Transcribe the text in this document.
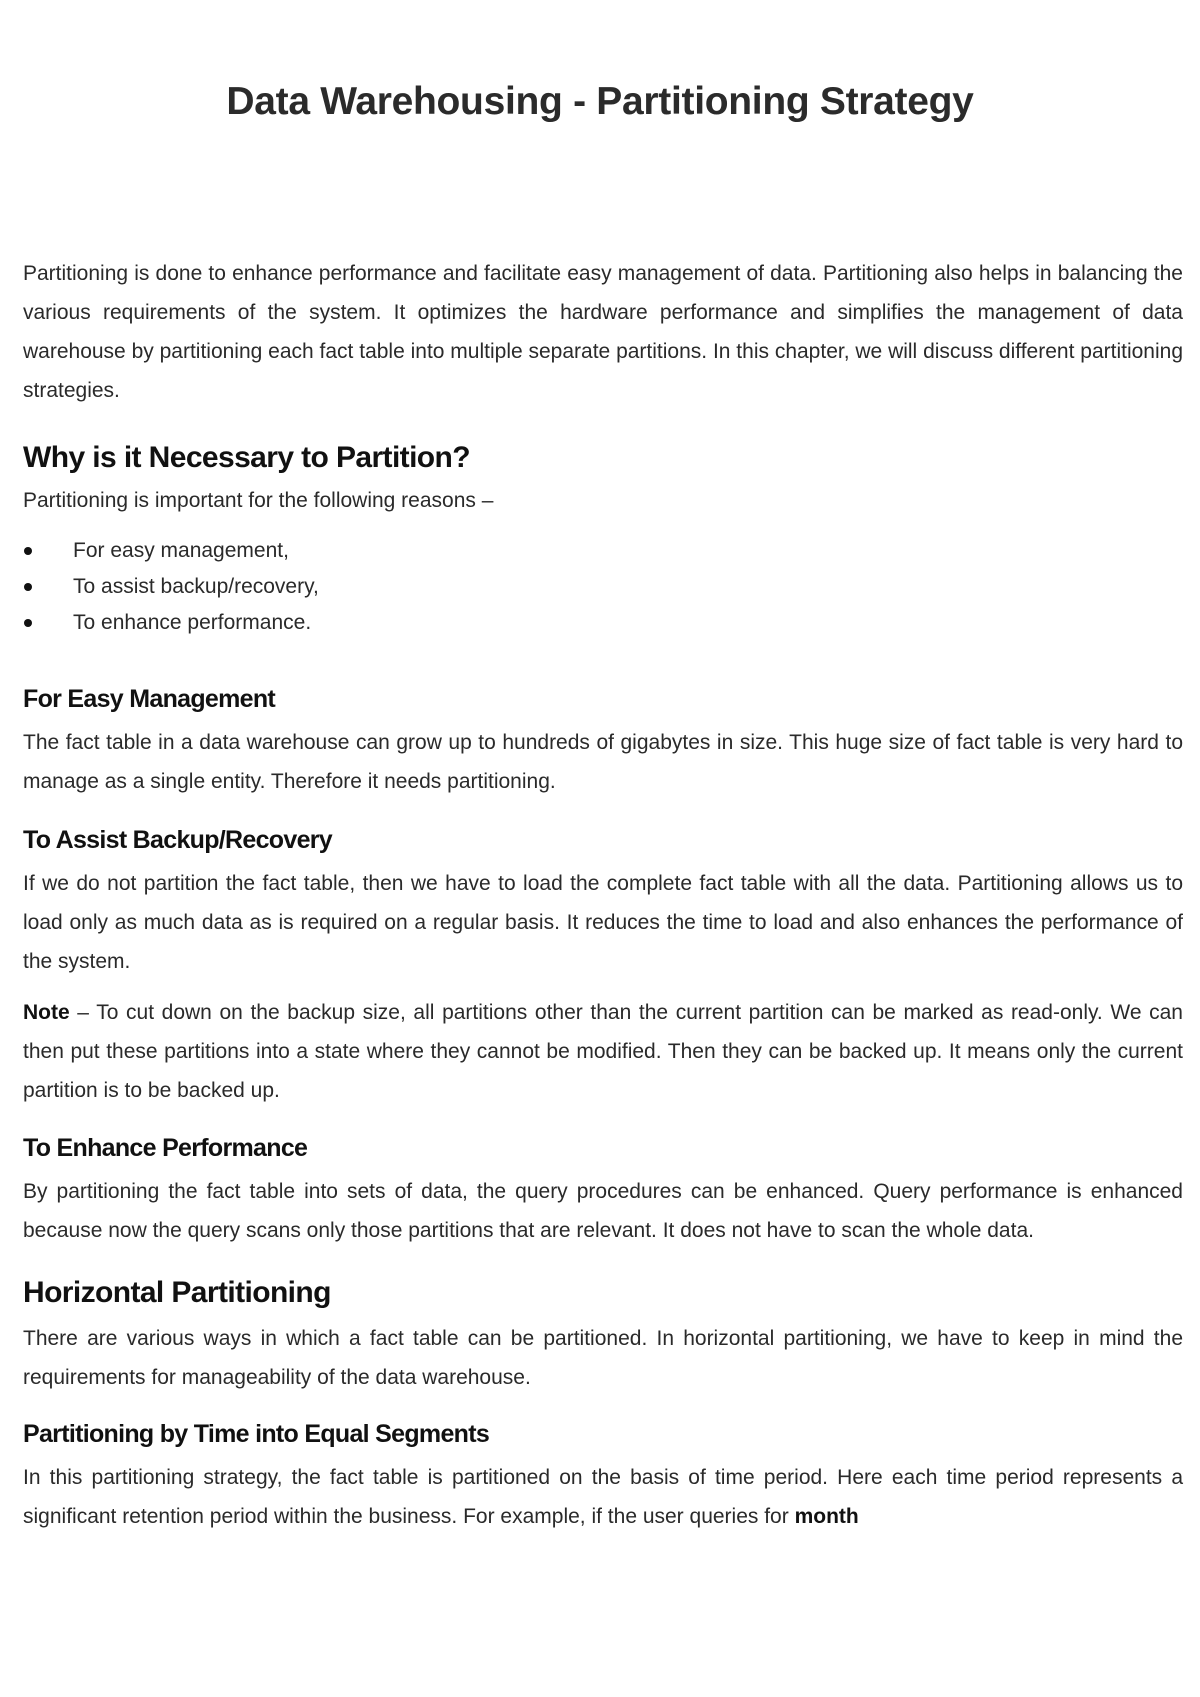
Data Warehousing - Partitioning Strategy

Partitioning is done to enhance performance and facilitate easy management of data. Partitioning also helps in balancing the various requirements of the system. It optimizes the hardware performance and simplifies the management of data warehouse by partitioning each fact table into multiple separate partitions. In this chapter, we will discuss different partitioning strategies.

Why is it Necessary to Partition?

Partitioning is important for the following reasons –

For easy management,
To assist backup/recovery,
To enhance performance.
For Easy Management

The fact table in a data warehouse can grow up to hundreds of gigabytes in size. This huge size of fact table is very hard to manage as a single entity. Therefore it needs partitioning.

To Assist Backup/Recovery

If we do not partition the fact table, then we have to load the complete fact table with all the data. Partitioning allows us to load only as much data as is required on a regular basis. It reduces the time to load and also enhances the performance of the system.

Note – To cut down on the backup size, all partitions other than the current partition can be marked as read-only. We can then put these partitions into a state where they cannot be modified. Then they can be backed up. It means only the current partition is to be backed up.

To Enhance Performance

By partitioning the fact table into sets of data, the query procedures can be enhanced. Query performance is enhanced because now the query scans only those partitions that are relevant. It does not have to scan the whole data.

Horizontal Partitioning

There are various ways in which a fact table can be partitioned. In horizontal partitioning, we have to keep in mind the requirements for manageability of the data warehouse.

Partitioning by Time into Equal Segments

In this partitioning strategy, the fact table is partitioned on the basis of time period. Here each time period represents a significant retention period within the business. For example, if the user queries for month
